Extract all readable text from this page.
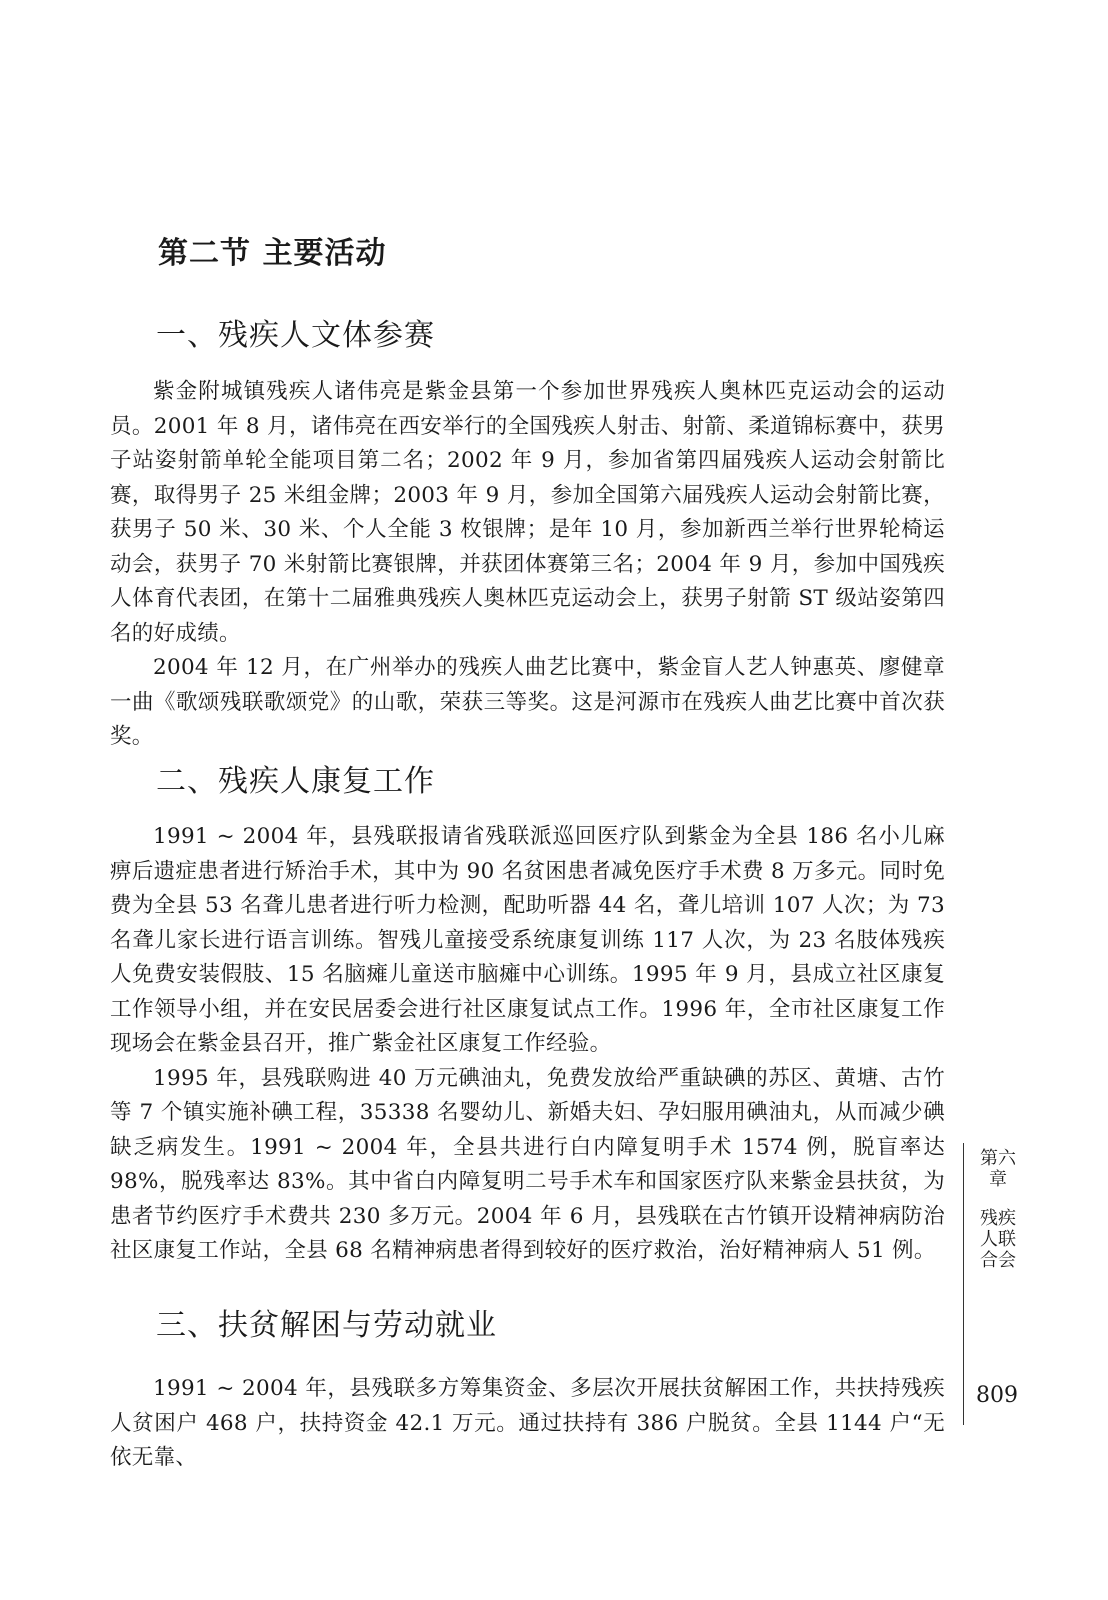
第二节 主要活动
一、残疾人文体参赛

紫金附城镇残疾人诸伟亮是紫金县第一个参加世界残疾人奥林匹克运动会的运动员。2001 年 8 月，诸伟亮在西安举行的全国残疾人射击、射箭、柔道锦标赛中，获男子站姿射箭单轮全能项目第二名；2002 年 9 月，参加省第四届残疾人运动会射箭比赛，取得男子 25 米组金牌；2003 年 9 月，参加全国第六届残疾人运动会射箭比赛，获男子 50 米、30 米、个人全能 3 枚银牌；是年 10 月，参加新西兰举行世界轮椅运动会，获男子 70 米射箭比赛银牌，并获团体赛第三名；2004 年 9 月，参加中国残疾人体育代表团，在第十二届雅典残疾人奥林匹克运动会上，获男子射箭 ST 级站姿第四名的好成绩。

2004 年 12 月，在广州举办的残疾人曲艺比赛中，紫金盲人艺人钟惠英、廖健章一曲《歌颂残联歌颂党》的山歌，荣获三等奖。这是河源市在残疾人曲艺比赛中首次获奖。

二、残疾人康复工作

1991 ~ 2004 年，县残联报请省残联派巡回医疗队到紫金为全县 186 名小儿麻痹后遗症患者进行矫治手术，其中为 90 名贫困患者减免医疗手术费 8 万多元。同时免费为全县 53 名聋儿患者进行听力检测，配助听器 44 名，聋儿培训 107 人次；为 73 名聋儿家长进行语言训练。智残儿童接受系统康复训练 117 人次，为 23 名肢体残疾人免费安装假肢、15 名脑瘫儿童送市脑瘫中心训练。1995 年 9 月，县成立社区康复工作领导小组，并在安民居委会进行社区康复试点工作。1996 年，全市社区康复工作现场会在紫金县召开，推广紫金社区康复工作经验。

1995 年，县残联购进 40 万元碘油丸，免费发放给严重缺碘的苏区、黄塘、古竹等 7 个镇实施补碘工程，35338 名婴幼儿、新婚夫妇、孕妇服用碘油丸，从而减少碘缺乏病发生。1991 ~ 2004 年，全县共进行白内障复明手术 1574 例，脱盲率达 98%，脱残率达 83%。其中省白内障复明二号手术车和国家医疗队来紫金县扶贫，为患者节约医疗手术费共 230 多万元。2004 年 6 月，县残联在古竹镇开设精神病防治社区康复工作站，全县 68 名精神病患者得到较好的医疗救治，治好精神病人 51 例。

三、扶贫解困与劳动就业

1991 ~ 2004 年，县残联多方筹集资金、多层次开展扶贫解困工作，共扶持残疾人贫困户 468 户，扶持资金 42.1 万元。通过扶持有 386 户脱贫。全县 1144 户“无依无靠、

第六章
残疾人联合会
809
